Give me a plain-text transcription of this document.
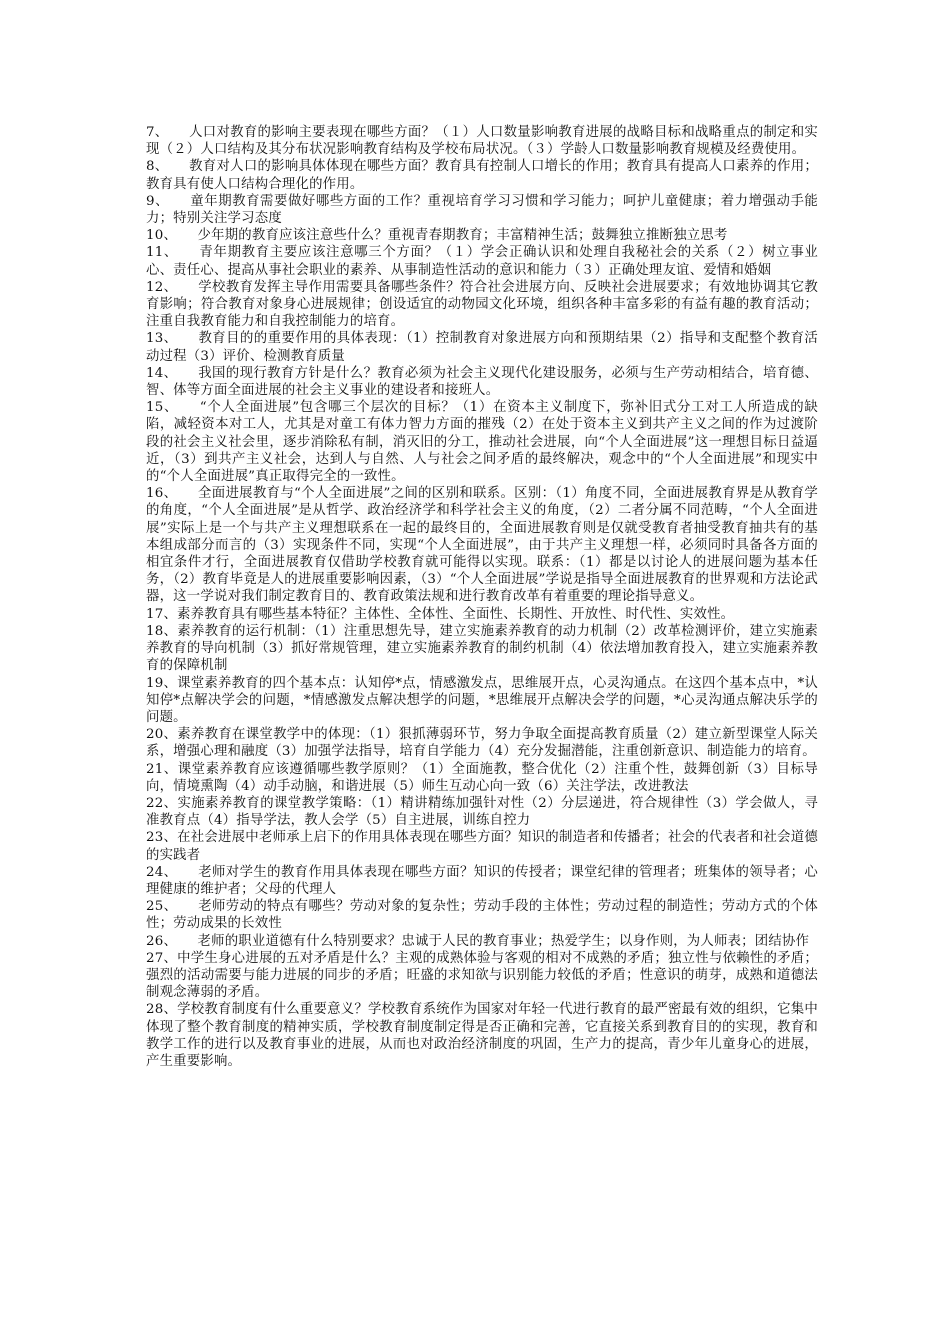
7、　　人口对教育的影响主要表现在哪些方面？（１）人口数量影响教育进展的战略目标和战略重点的制定和实现（２）人口结构及其分布状况影响教育结构及学校布局状况。（３）学龄人口数量影响教育规模及经费使用。

8、　　教育对人口的影响具体体现在哪些方面？教育具有控制人口增长的作用；教育具有提高人口素养的作用；教育具有使人口结构合理化的作用。

9、　　童年期教育需要做好哪些方面的工作？重视培育学习习惯和学习能力；呵护儿童健康；着力增强动手能力；特别关注学习态度

10、　　少年期的教育应该注意些什么？重视青春期教育；丰富精神生活；鼓舞独立推断独立思考

11、　　青年期教育主要应该注意哪三个方面？（１）学会正确认识和处理自我秘社会的关系（２）树立事业心、责任心、提高从事社会职业的素养、从事制造性活动的意识和能力（３）正确处理友谊、爱情和婚姻

12、　　学校教育发挥主导作用需要具备哪些条件？符合社会进展方向、反映社会进展要求；有效地协调其它教育影响；符合教育对象身心进展规律；创设适宜的动物园文化环境，组织各种丰富多彩的有益有趣的教育活动；注重自我教育能力和自我控制能力的培育。

13、　　教育目的的重要作用的具体表现：（1）控制教育对象进展方向和预期结果（2）指导和支配整个教育活动过程（3）评价、检测教育质量

14、　　我国的现行教育方针是什么？教育必须为社会主义现代化建设服务，必须与生产劳动相结合，培育德、智、体等方面全面进展的社会主义事业的建设者和接班人。

15、　　“个人全面进展”包含哪三个层次的目标？（1）在资本主义制度下，弥补旧式分工对工人所造成的缺陷，减轻资本对工人，尤其是对童工有体力智力方面的摧残（2）在处于资本主义到共产主义之间的作为过渡阶段的社会主义社会里，逐步消除私有制，消灭旧的分工，推动社会进展，向“个人全面进展”这一理想目标日益逼近，（3）到共产主义社会，达到人与自然、人与社会之间矛盾的最终解决，观念中的“个人全面进展”和现实中的“个人全面进展”真正取得完全的一致性。

16、　　全面进展教育与“个人全面进展”之间的区别和联系。区别：（1）角度不同，全面进展教育界是从教育学的角度，“个人全面进展”是从哲学、政治经济学和科学社会主义的角度，（2）二者分属不同范畴，“个人全面进展”实际上是一个与共产主义理想联系在一起的最终目的，全面进展教育则是仅就受教育者抽受教育抽共有的基本组成部分而言的（3）实现条件不同，实现“个人全面进展”，由于共产主义理想一样，必须同时具备各方面的相宜条件才行，全面进展教育仅借助学校教育就可能得以实现。联系：（1）都是以讨论人的进展问题为基本任务，（2）教育毕竟是人的进展重要影响因素，（3）“个人全面进展”学说是指导全面进展教育的世界观和方法论武器，这一学说对我们制定教育目的、教育政策法规和进行教育改革有着重要的理论指导意义。

17、素养教育具有哪些基本特征？主体性、全体性、全面性、长期性、开放性、时代性、实效性。

18、素养教育的运行机制：（1）注重思想先导，建立实施素养教育的动力机制（2）改革检测评价，建立实施素养教育的导向机制（3）抓好常规管理，建立实施素养教育的制约机制（4）依法增加教育投入，建立实施素养教育的保障机制

19、课堂素养教育的四个基本点：认知停*点，情感激发点，思维展开点，心灵沟通点。在这四个基本点中，*认知停*点解决学会的问题，*情感激发点解决想学的问题，*思维展开点解决会学的问题，*心灵沟通点解决乐学的问题。

20、素养教育在课堂教学中的体现：（1）狠抓薄弱环节，努力争取全面提高教育质量（2）建立新型课堂人际关系，增强心理和融度（3）加强学法指导，培育自学能力（4）充分发掘潜能，注重创新意识、制造能力的培育。

21、课堂素养教育应该遵循哪些教学原则？（1）全面施教，整合优化（2）注重个性，鼓舞创新（3）目标导向，情境熏陶（4）动手动脑，和谐进展（5）师生互动心向一致（6）关注学法，改进教法

22、实施素养教育的课堂教学策略：（1）精讲精练加强针对性（2）分层递进，符合规律性（3）学会做人，寻准教育点（4）指导学法，教人会学（5）自主进展，训练自控力

23、在社会进展中老师承上启下的作用具体表现在哪些方面？知识的制造者和传播者；社会的代表者和社会道德的实践者

24、　　老师对学生的教育作用具体表现在哪些方面？知识的传授者；课堂纪律的管理者；班集体的领导者；心理健康的维护者；父母的代理人

25、　　老师劳动的特点有哪些？劳动对象的复杂性；劳动手段的主体性；劳动过程的制造性；劳动方式的个体性；劳动成果的长效性

26、　　老师的职业道德有什么特别要求？忠诚于人民的教育事业；热爱学生；以身作则，为人师表；团结协作

27、中学生身心进展的五对矛盾是什么？主观的成熟体验与客观的相对不成熟的矛盾；独立性与依赖性的矛盾；强烈的活动需要与能力进展的同步的矛盾；旺盛的求知欲与识别能力较低的矛盾；性意识的萌芽，成熟和道德法制观念薄弱的矛盾。

28、学校教育制度有什么重要意义？学校教育系统作为国家对年轻一代进行教育的最严密最有效的组织，它集中体现了整个教育制度的精神实质，学校教育制度制定得是否正确和完善，它直接关系到教育目的的实现，教育和教学工作的进行以及教育事业的进展，从而也对政治经济制度的巩固，生产力的提高，青少年儿童身心的进展，产生重要影响。
